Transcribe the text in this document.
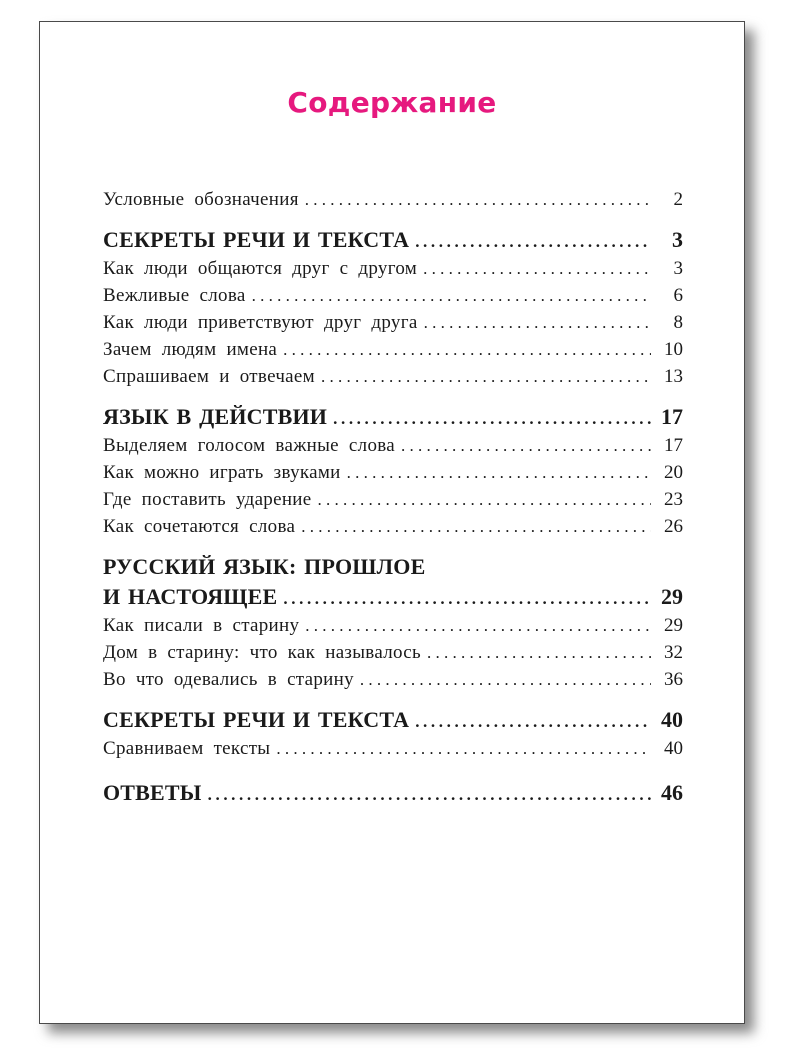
Содержание
Условные обозначения . . .	2
СЕКРЕТЫ РЕЧИ И ТЕКСТА .....	3
Как люди общаются друг с другом . . .	3
Вежливые слова . . .	6
Как люди приветствуют друг друга . . .	8
Зачем людям имена . . .	10
Спрашиваем и отвечаем . . .	13
ЯЗЫК В ДЕЙСТВИИ .....	17
Выделяем голосом важные слова . . .	17
Как можно играть звуками . . .	20
Где поставить ударение . . .	23
Как сочетаются слова . . .	26
РУССКИЙ ЯЗЫК: ПРОШЛОЕ
И НАСТОЯЩЕЕ .....	29
Как писали в старину . . .	29
Дом в старину: что как называлось . . .	32
Во что одевались в старину . . .	36
СЕКРЕТЫ РЕЧИ И ТЕКСТА .....	40
Сравниваем тексты . . .	40
ОТВЕТЫ .....	46
